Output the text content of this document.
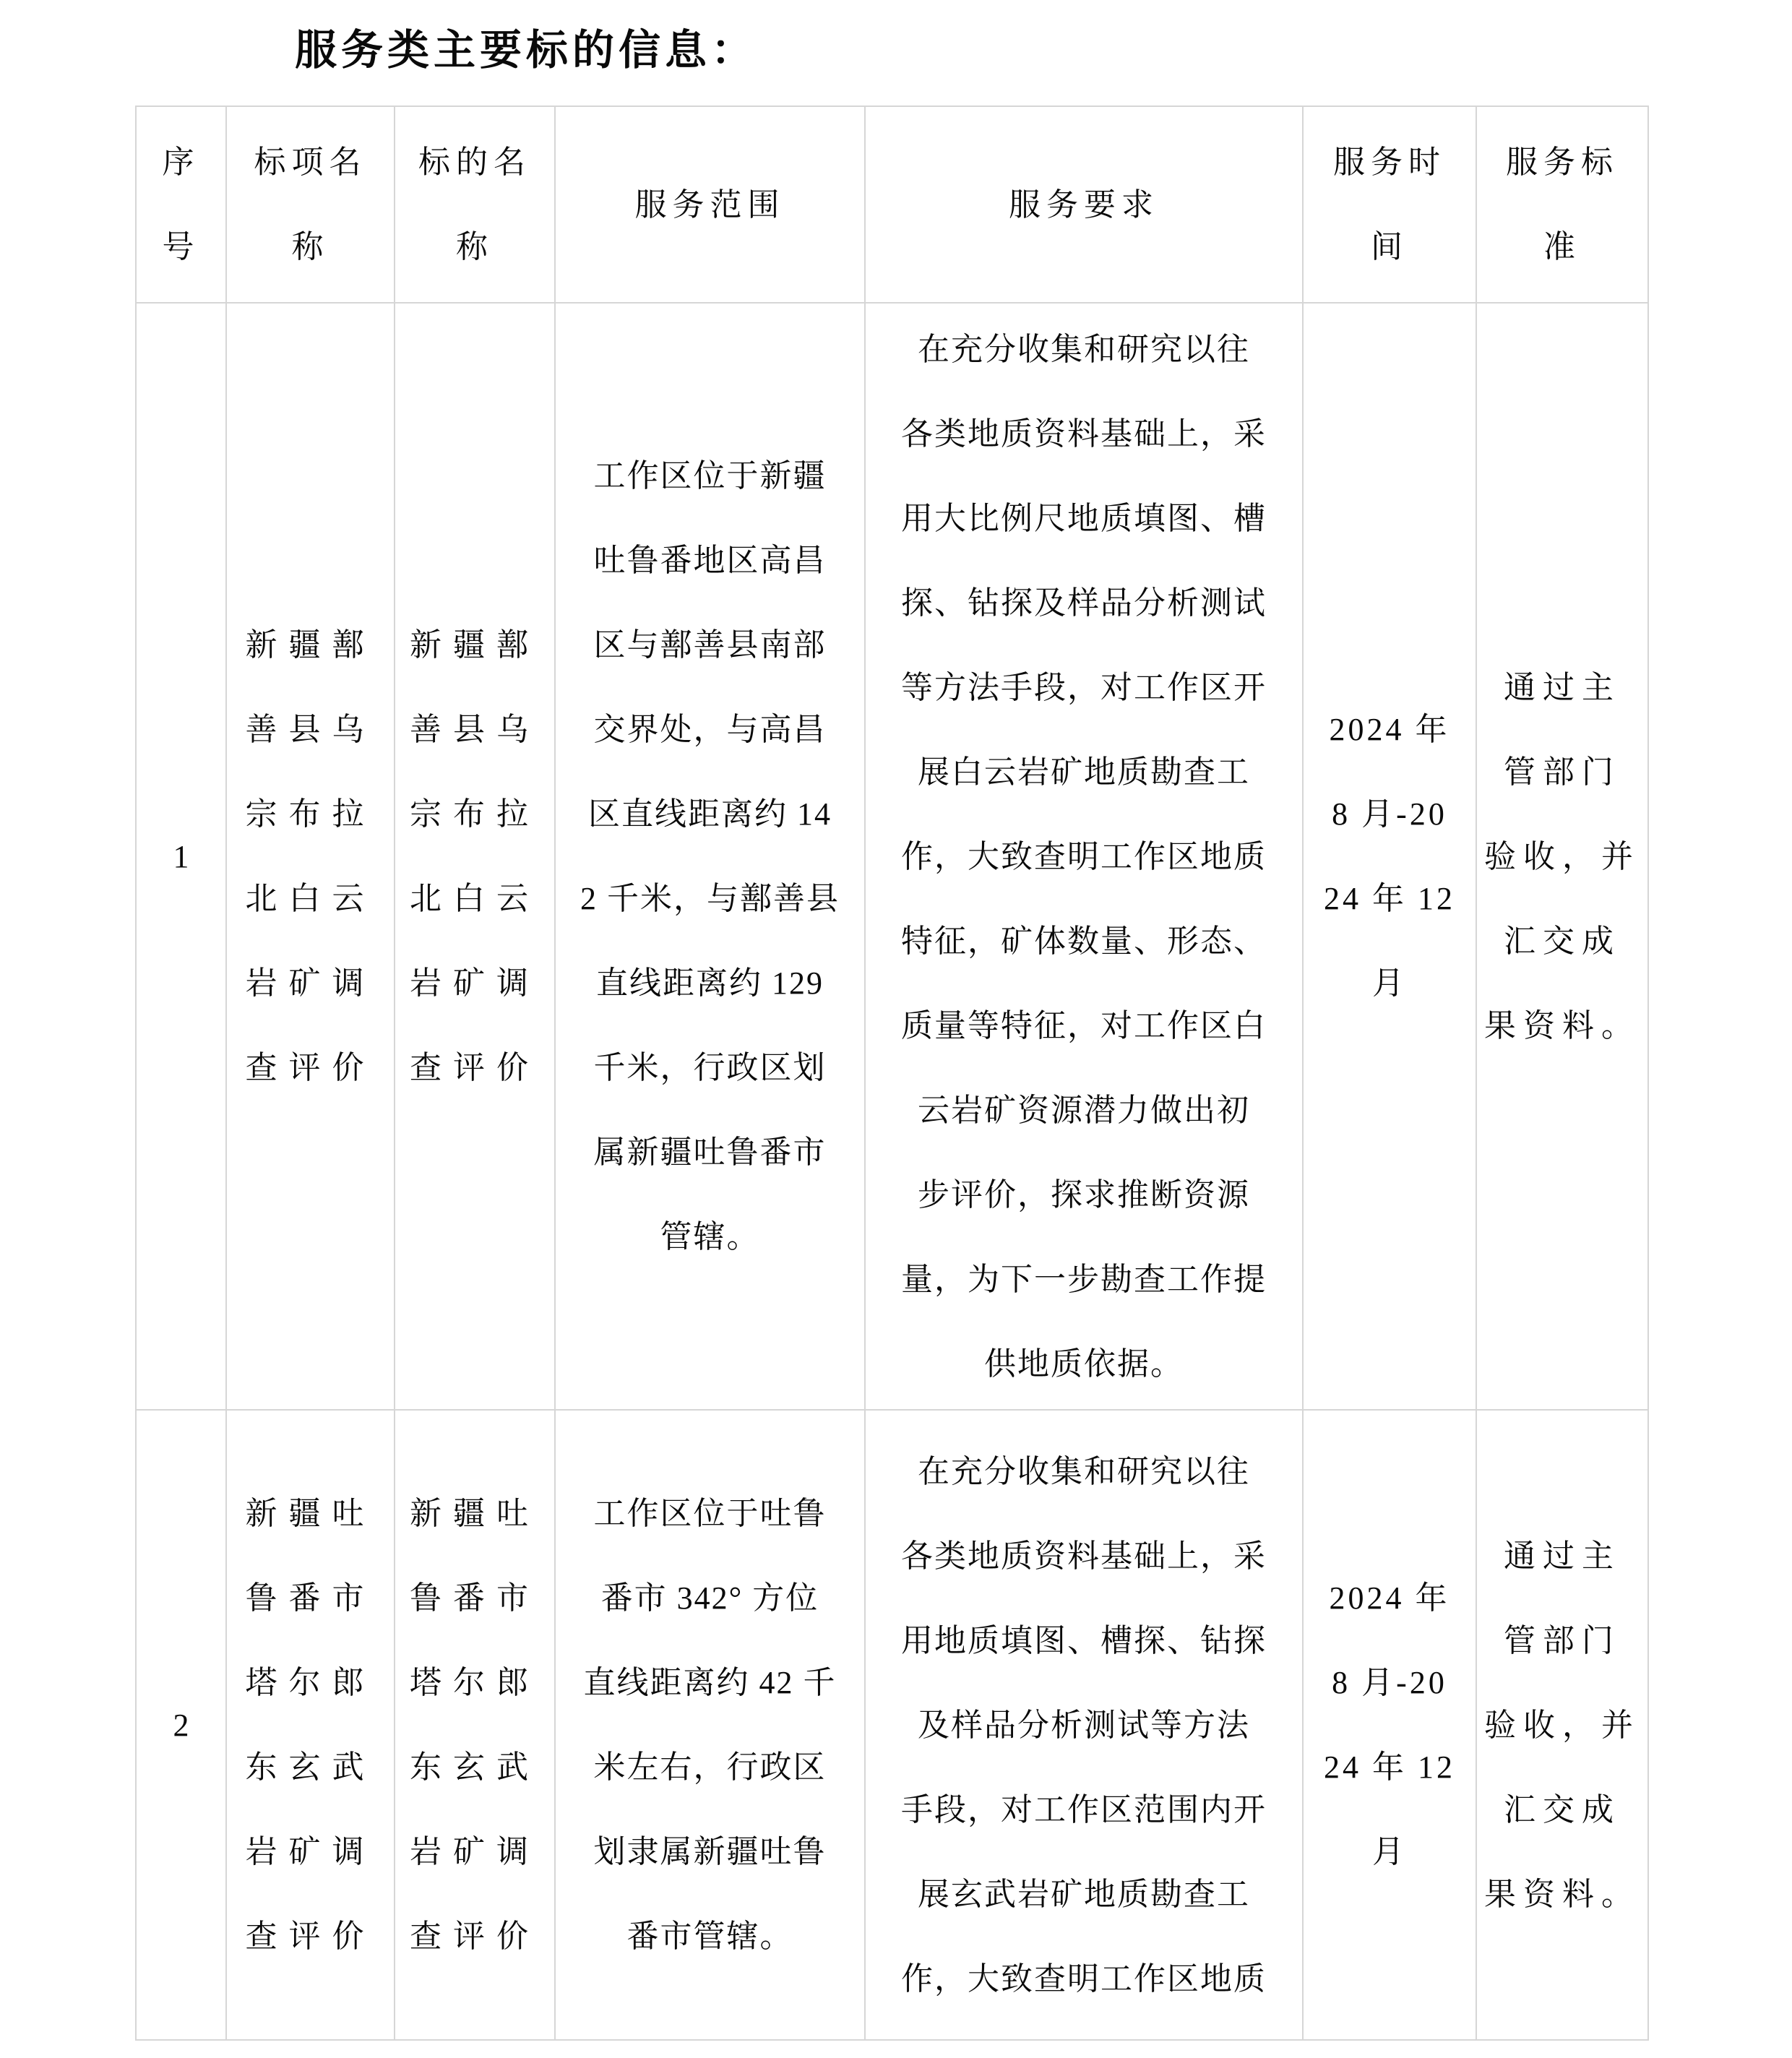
服务类主要标的信息：
序
号
标项名
称
标的名
称
服务范围	服务要求
服务时
间
服务标
准
1
新疆鄯
善县乌
宗布拉
北白云
岩矿调
查评价
新疆鄯
善县乌
宗布拉
北白云
岩矿调
查评价
工作区位于新疆
吐鲁番地区高昌
区与鄯善县南部
交界处，与高昌
区直线距离约 14
2 千米，与鄯善县
直线距离约 129
千米，行政区划
属新疆吐鲁番市
管辖。
在充分收集和研究以往
各类地质资料基础上，采
用大比例尺地质填图、槽
探、钻探及样品分析测试
等方法手段，对工作区开
展白云岩矿地质勘查工
作，大致查明工作区地质
特征，矿体数量、形态、
质量等特征，对工作区白
云岩矿资源潜力做出初
步评价，探求推断资源
量，为下一步勘查工作提
供地质依据。
2024 年
8 月-20
24 年 12
月
通过主
管部门
验收，并
汇交成
果资料。
2
新疆吐
鲁番市
塔尔郎
东玄武
岩矿调
查评价
新疆吐
鲁番市
塔尔郎
东玄武
岩矿调
查评价
工作区位于吐鲁
番市 342° 方位
直线距离约 42 千
米左右，行政区
划隶属新疆吐鲁
番市管辖。
在充分收集和研究以往
各类地质资料基础上，采
用地质填图、槽探、钻探
及样品分析测试等方法
手段，对工作区范围内开
展玄武岩矿地质勘查工
作，大致查明工作区地质
2024 年
8 月-20
24 年 12
月
通过主
管部门
验收，并
汇交成
果资料。
